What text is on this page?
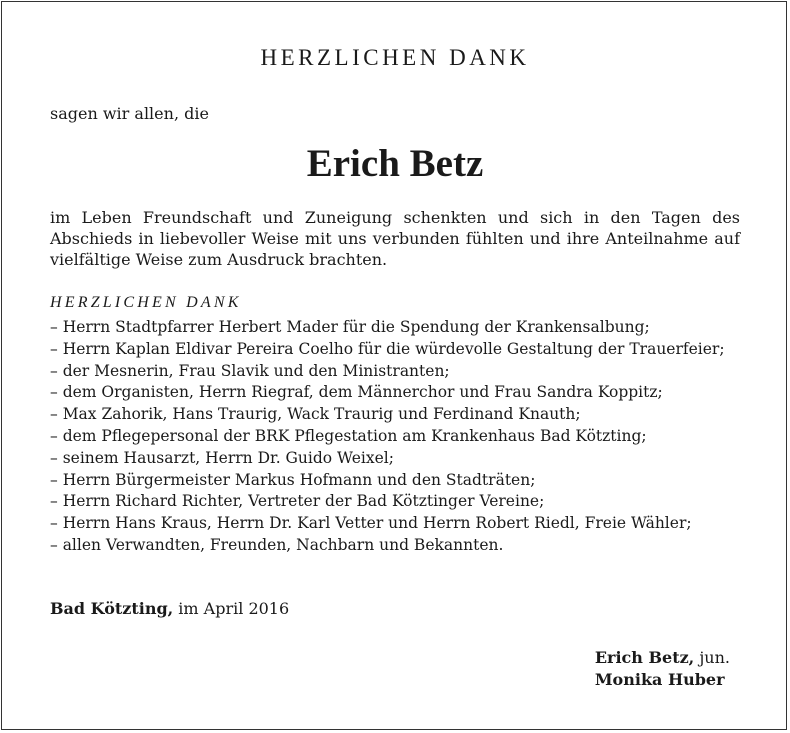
HERZLICHEN DANK
sagen wir allen, die
Erich Betz
im Leben Freundschaft und Zuneigung schenkten und sich in den Tagen des Abschieds in liebevoller Weise mit uns verbunden fühlten und ihre Anteilnahme auf vielfältige Weise zum Ausdruck brachten.
HERZLICHEN DANK
– Herrn Stadtpfarrer Herbert Mader für die Spendung der Krankensalbung;
– Herrn Kaplan Eldivar Pereira Coelho für die würdevolle Gestaltung der Trauerfeier;
– der Mesnerin, Frau Slavik und den Ministranten;
– dem Organisten, Herrn Riegraf, dem Männerchor und Frau Sandra Koppitz;
– Max Zahorik, Hans Traurig, Wack Traurig und Ferdinand Knauth;
– dem Pflegepersonal der BRK Pflegestation am Krankenhaus Bad Kötzting;
– seinem Hausarzt, Herrn Dr. Guido Weixel;
– Herrn Bürgermeister Markus Hofmann und den Stadträten;
– Herrn Richard Richter, Vertreter der Bad Kötztinger Vereine;
– Herrn Hans Kraus, Herrn Dr. Karl Vetter und Herrn Robert Riedl, Freie Wähler;
– allen Verwandten, Freunden, Nachbarn und Bekannten.
Bad Kötzting, im April 2016
Erich Betz, jun.
Monika Huber
